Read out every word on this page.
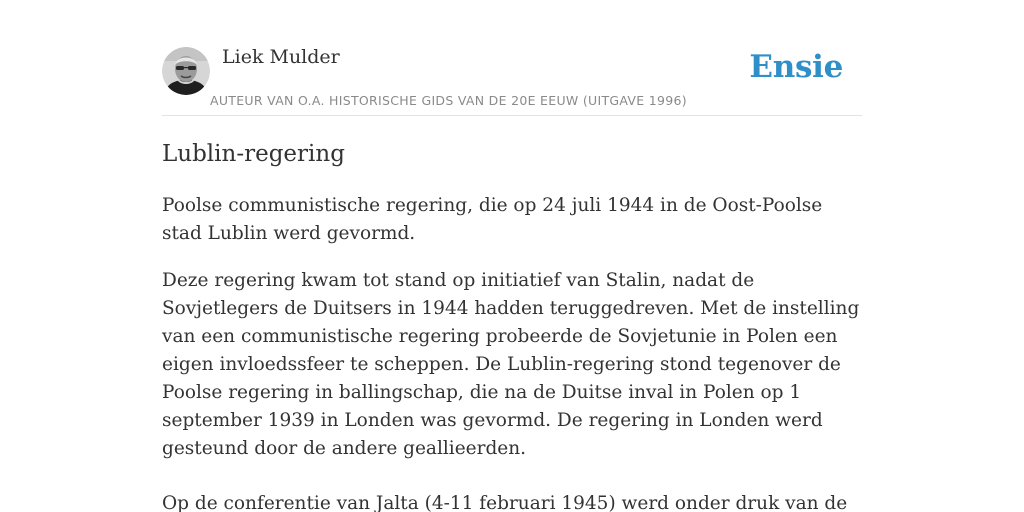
Liek Mulder
AUTEUR VAN O.A. HISTORISCHE GIDS VAN DE 20E EEUW (UITGAVE 1996)
Ensie
Lublin-regering

Poolse communistische regering, die op 24 juli 1944 in de Oost-Poolse stad Lublin werd gevormd.

Deze regering kwam tot stand op initiatief van Stalin, nadat de Sovjetlegers de Duitsers in 1944 hadden teruggedreven. Met de instelling van een communistische regering probeerde de Sovjetunie in Polen een eigen invloedssfeer te scheppen. De Lublin-regering stond tegenover de Poolse regering in ballingschap, die na de Duitse inval in Polen op 1 september 1939 in Londen was gevormd. De regering in Londen werd gesteund door de andere geallieerden.

Op de conferentie van Jalta (4-11 februari 1945) werd onder druk van de
